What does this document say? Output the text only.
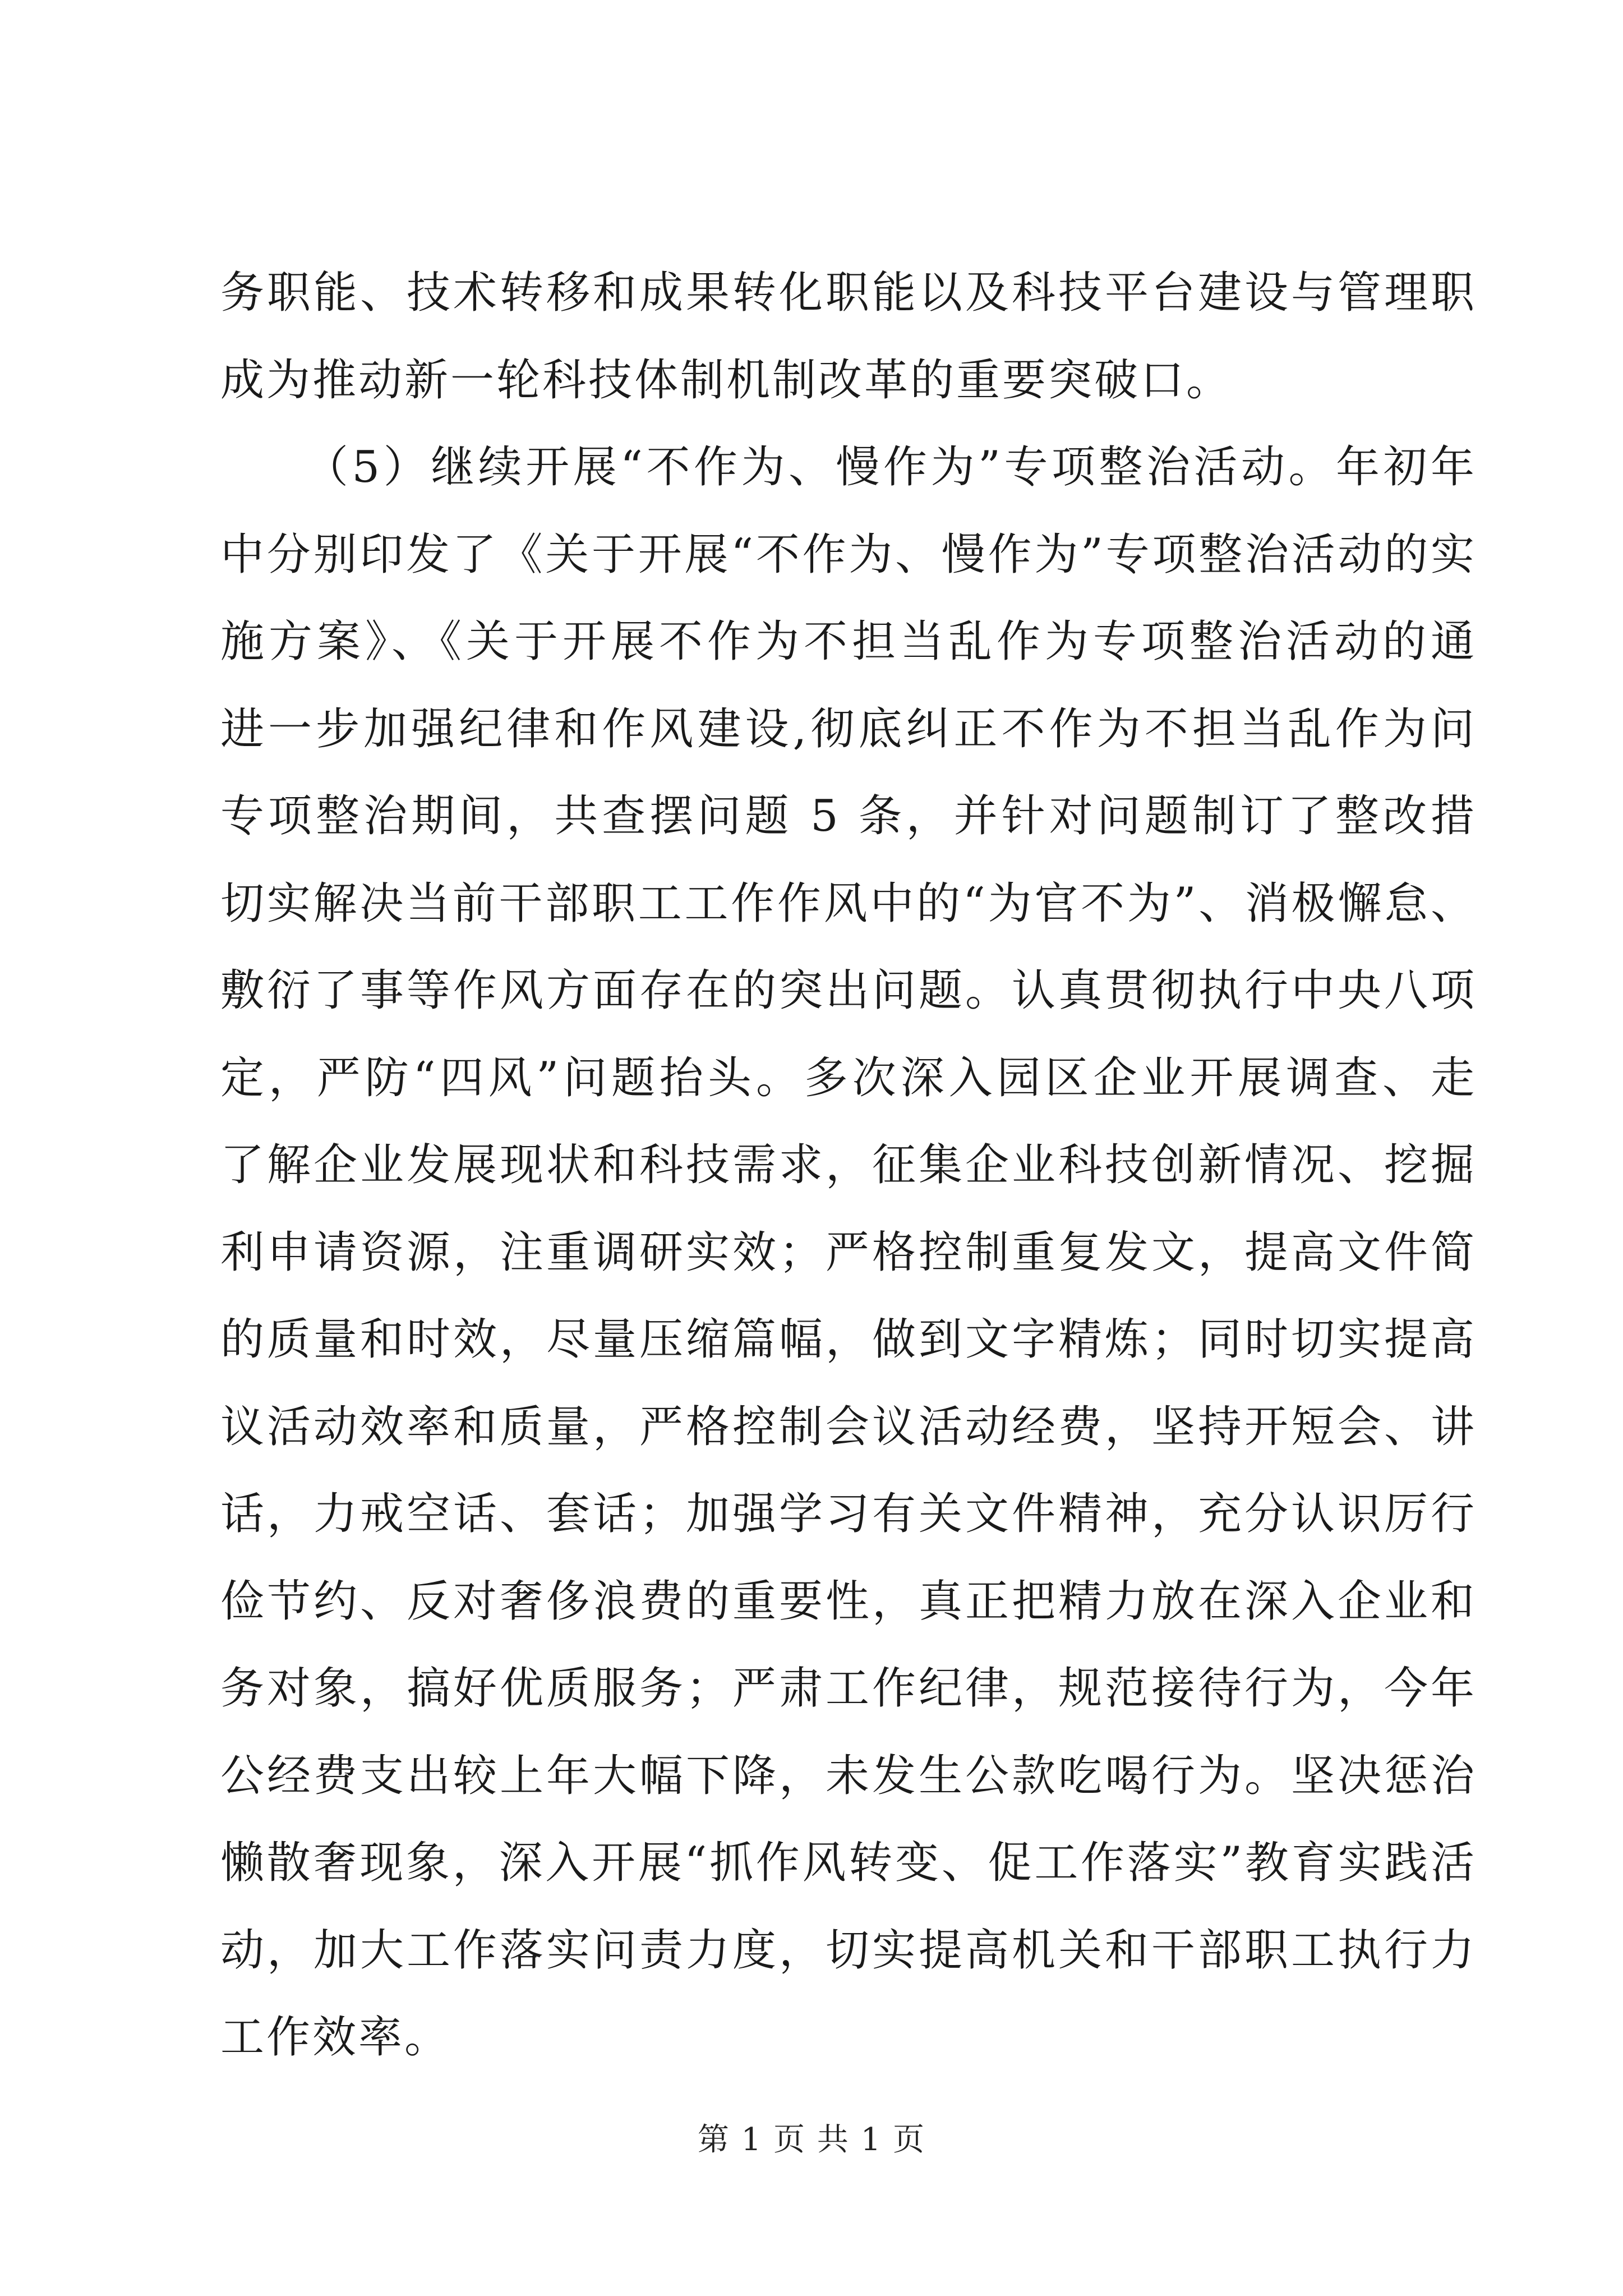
务职能、技术转移和成果转化职能以及科技平台建设与管理职
成为推动新一轮科技体制机制改革的重要突破口。
（5）继续开展“不作为、慢作为”专项整治活动。年初年
中分别印发了《关于开展“不作为、慢作为”专项整治活动的实
施方案》、《关于开展不作为不担当乱作为专项整治活动的通
进一步加强纪律和作风建设,彻底纠正不作为不担当乱作为问
专项整治期间，共查摆问题 5 条，并针对问题制订了整改措
切实解决当前干部职工工作作风中的“为官不为”、消极懈怠、
敷衍了事等作风方面存在的突出问题。认真贯彻执行中央八项
定，严防“四风”问题抬头。多次深入园区企业开展调查、走
了解企业发展现状和科技需求，征集企业科技创新情况、挖掘
利申请资源，注重调研实效；严格控制重复发文，提高文件简
的质量和时效，尽量压缩篇幅，做到文字精炼；同时切实提高
议活动效率和质量，严格控制会议活动经费，坚持开短会、讲
话，力戒空话、套话；加强学习有关文件精神，充分认识厉行
俭节约、反对奢侈浪费的重要性，真正把精力放在深入企业和
务对象，搞好优质服务；严肃工作纪律，规范接待行为，今年
公经费支出较上年大幅下降，未发生公款吃喝行为。坚决惩治
懒散奢现象，深入开展“抓作风转变、促工作落实”教育实践活
动，加大工作落实问责力度，切实提高机关和干部职工执行力
工作效率。
第 1 页 共 1 页
